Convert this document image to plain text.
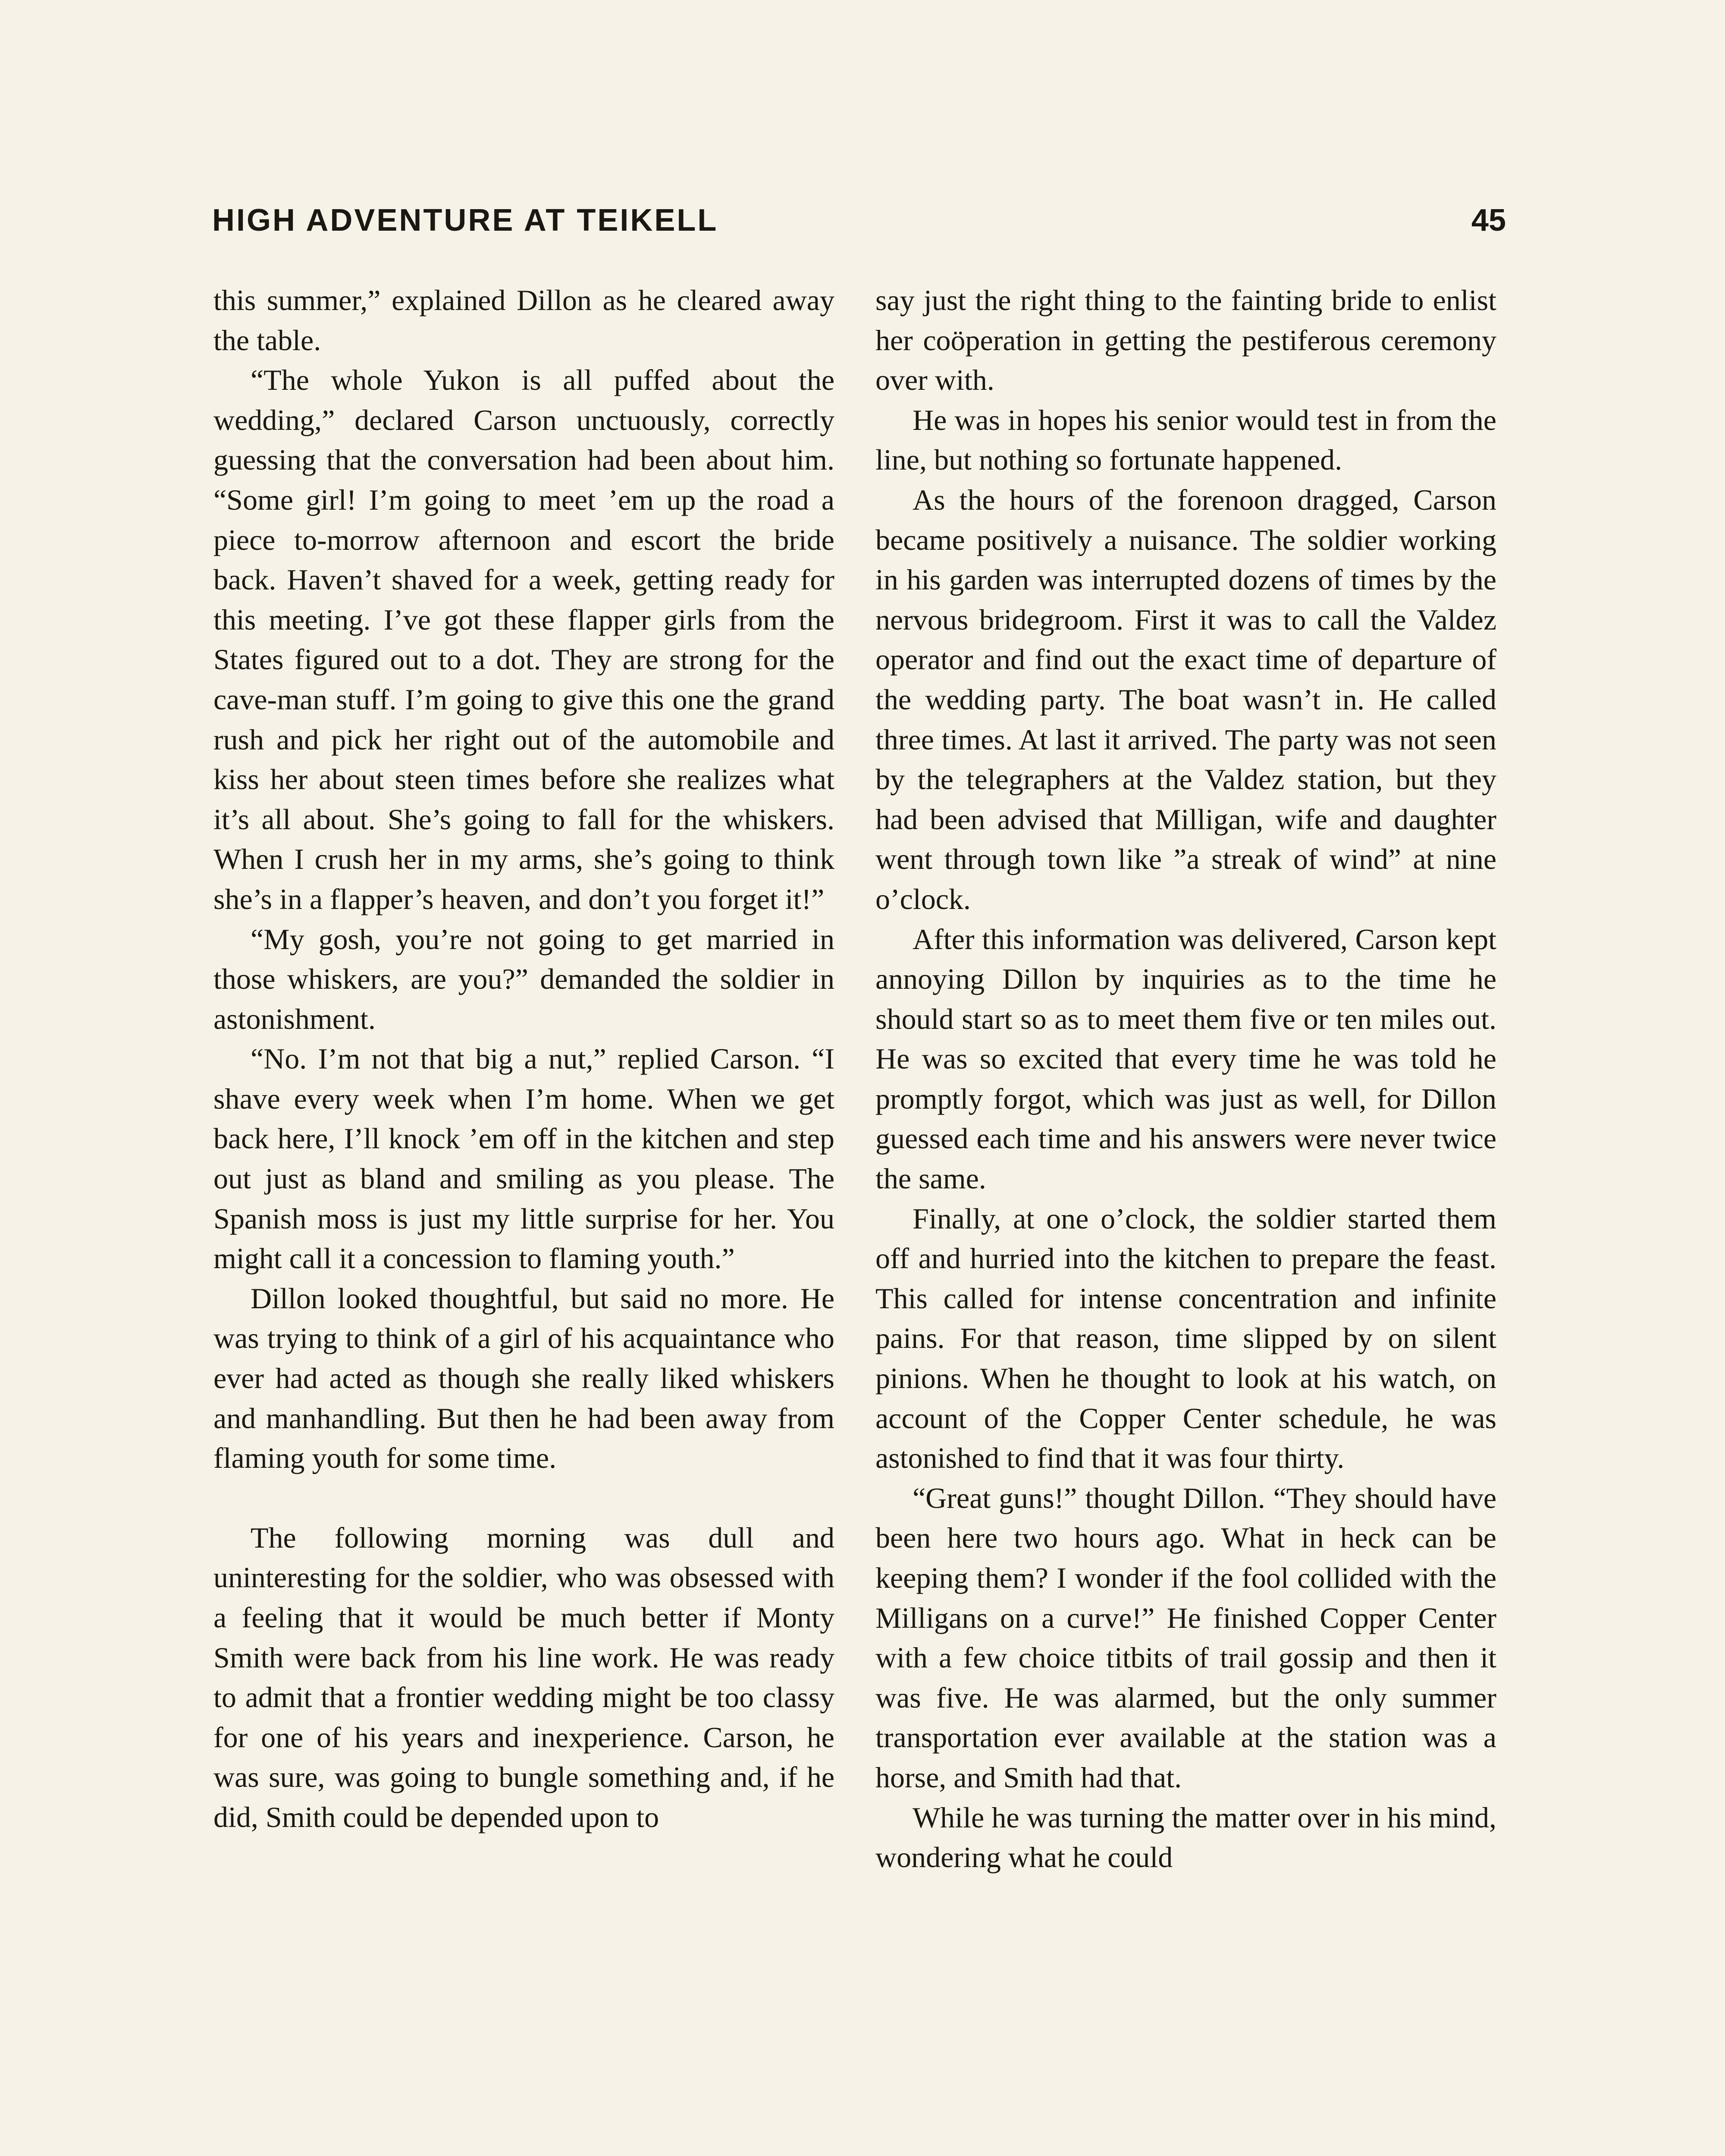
HIGH ADVENTURE AT TEIKELL	45

this summer,” explained Dillon as he cleared away the table.

“The whole Yukon is all puffed about the wedding,” declared Carson unctuously, correctly guessing that the conversation had been about him. “Some girl! I’m going to meet ’em up the road a piece to-morrow afternoon and escort the bride back. Haven’t shaved for a week, getting ready for this meeting. I’ve got these flapper girls from the States figured out to a dot. They are strong for the cave-man stuff. I’m going to give this one the grand rush and pick her right out of the automobile and kiss her about steen times before she realizes what it’s all about. She’s going to fall for the whiskers. When I crush her in my arms, she’s going to think she’s in a flapper’s heaven, and don’t you forget it!”

“My gosh, you’re not going to get married in those whiskers, are you?” demanded the soldier in astonishment.

“No. I’m not that big a nut,” replied Carson. “I shave every week when I’m home. When we get back here, I’ll knock ’em off in the kitchen and step out just as bland and smiling as you please. The Spanish moss is just my little surprise for her. You might call it a concession to flaming youth.”

Dillon looked thoughtful, but said no more. He was trying to think of a girl of his acquaintance who ever had acted as though she really liked whiskers and manhandling. But then he had been away from flaming youth for some time.

The following morning was dull and uninteresting for the soldier, who was obsessed with a feeling that it would be much better if Monty Smith were back from his line work. He was ready to admit that a frontier wedding might be too classy for one of his years and inexperience. Carson, he was sure, was going to bungle something and, if he did, Smith could be depended upon to

say just the right thing to the fainting bride to enlist her coöperation in getting the pestiferous ceremony over with.

He was in hopes his senior would test in from the line, but nothing so fortunate happened.

As the hours of the forenoon dragged, Carson became positively a nuisance. The soldier working in his garden was interrupted dozens of times by the nervous bridegroom. First it was to call the Valdez operator and find out the exact time of departure of the wedding party. The boat wasn’t in. He called three times. At last it arrived. The party was not seen by the telegraphers at the Valdez station, but they had been advised that Milligan, wife and daughter went through town like ”a streak of wind” at nine o’clock.

After this information was delivered, Carson kept annoying Dillon by inquiries as to the time he should start so as to meet them five or ten miles out. He was so excited that every time he was told he promptly forgot, which was just as well, for Dillon guessed each time and his answers were never twice the same.

Finally, at one o’clock, the soldier started them off and hurried into the kitchen to prepare the feast. This called for intense concentration and infinite pains. For that reason, time slipped by on silent pinions. When he thought to look at his watch, on account of the Copper Center schedule, he was astonished to find that it was four thirty.

“Great guns!” thought Dillon. “They should have been here two hours ago. What in heck can be keeping them? I wonder if the fool collided with the Milligans on a curve!” He finished Copper Center with a few choice titbits of trail gossip and then it was five. He was alarmed, but the only summer transportation ever available at the station was a horse, and Smith had that.

While he was turning the matter over in his mind, wondering what he could
